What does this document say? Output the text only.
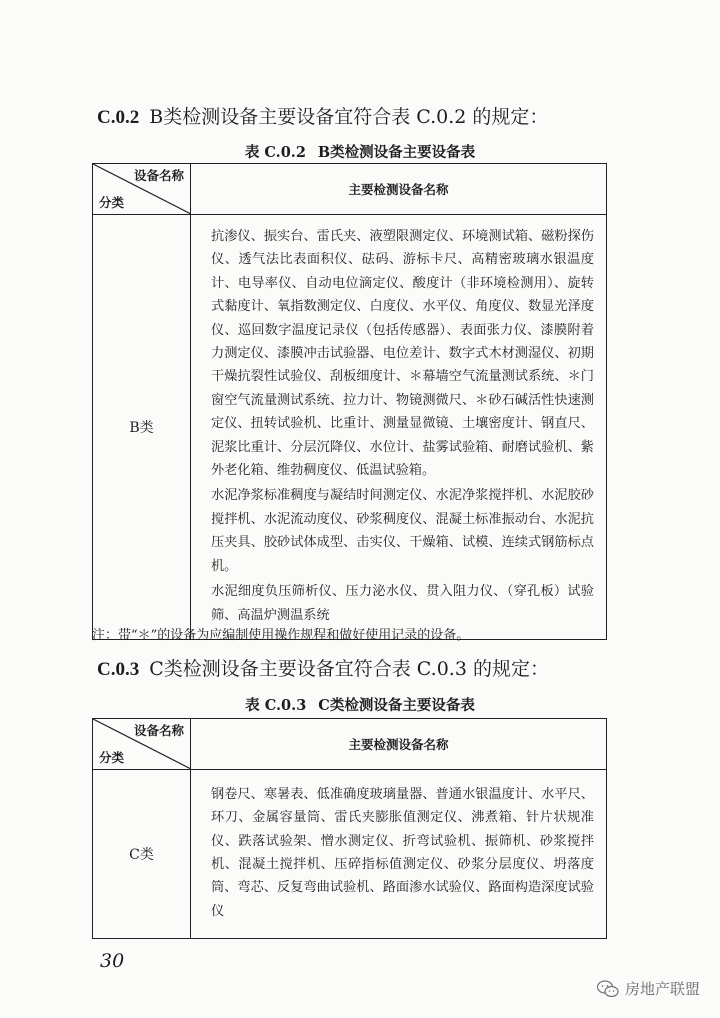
C.0.2 B类检测设备主要设备宜符合表 C.0.2 的规定：
表 C.0.2 B类检测设备主要设备表
设备名称
分类	主要检测设备名称
B类	抗渗仪、振实台、雷氏夹、液塑限测定仪、环境测试箱、磁粉探伤仪、透气法比表面积仪、砝码、游标卡尺、高精密玻璃水银温度计、电导率仪、自动电位滴定仪、酸度计（非环境检测用）、旋转式黏度计、氧指数测定仪、白度仪、水平仪、角度仪、数显光泽度仪、巡回数字温度记录仪（包括传感器）、表面张力仪、漆膜附着力测定仪、漆膜冲击试验器、电位差计、数字式木材测湿仪、初期干燥抗裂性试验仪、刮板细度计、＊幕墙空气流量测试系统、＊门窗空气流量测试系统、拉力计、物镜测微尺、＊砂石碱活性快速测定仪、扭转试验机、比重计、测量显微镜、土壤密度计、钢直尺、泥浆比重计、分层沉降仪、水位计、盐雾试验箱、耐磨试验机、紫外老化箱、维勃稠度仪、低温试验箱。

水泥净浆标准稠度与凝结时间测定仪、水泥净浆搅拌机、水泥胶砂搅拌机、水泥流动度仪、砂浆稠度仪、混凝土标准振动台、水泥抗压夹具、胶砂试体成型、击实仪、干燥箱、试模、连续式钢筋标点机。

水泥细度负压筛析仪、压力泌水仪、贯入阻力仪、（穿孔板）试验筛、高温炉测温系统

注：带“＊”的设备为应编制使用操作规程和做好使用记录的设备。
C.0.3 C类检测设备主要设备宜符合表 C.0.3 的规定：
表 C.0.3 C类检测设备主要设备表
设备名称
分类	主要检测设备名称
C类	钢卷尺、寒暑表、低准确度玻璃量器、普通水银温度计、水平尺、环刀、金属容量筒、雷氏夹膨胀值测定仪、沸煮箱、针片状规准仪、跌落试验架、憎水测定仪、折弯试验机、振筛机、砂浆搅拌机、混凝土搅拌机、压碎指标值测定仪、砂浆分层度仪、坍落度筒、弯芯、反复弯曲试验机、路面渗水试验仪、路面构造深度试验仪

30
房地产联盟
